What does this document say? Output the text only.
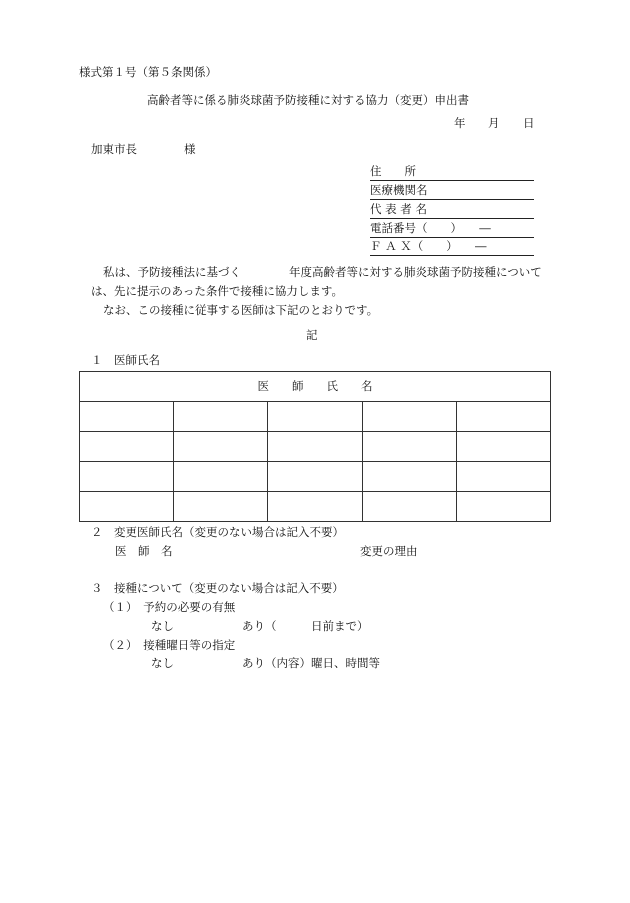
様式第１号（第５条関係）
高齢者等に係る肺炎球菌予防接種に対する協力（変更）申出書
年 月 日
加東市長	様
住　　所
医療機関名
代 表 者 名
電話番号（　　）　　―
Ｆ Ａ Ｘ（　　）　　―
私は、予防接種法に基づく	年度高齢者等に対する肺炎球菌予防接種について
は、先に提示のあった条件で接種に協力します。
なお、この接種に従事する医師は下記のとおりです。
記
１　医師氏名
医　　師　　氏　　名				

２　変更医師氏名（変更のない場合は記入不要）
医　師　名	変更の理由
３　接種について（変更のない場合は記入不要）
（１）　予約の必要の有無
なし	あり（　　　日前まで）
（２）　接種曜日等の指定
なし	あり（内容）曜日、時間等
